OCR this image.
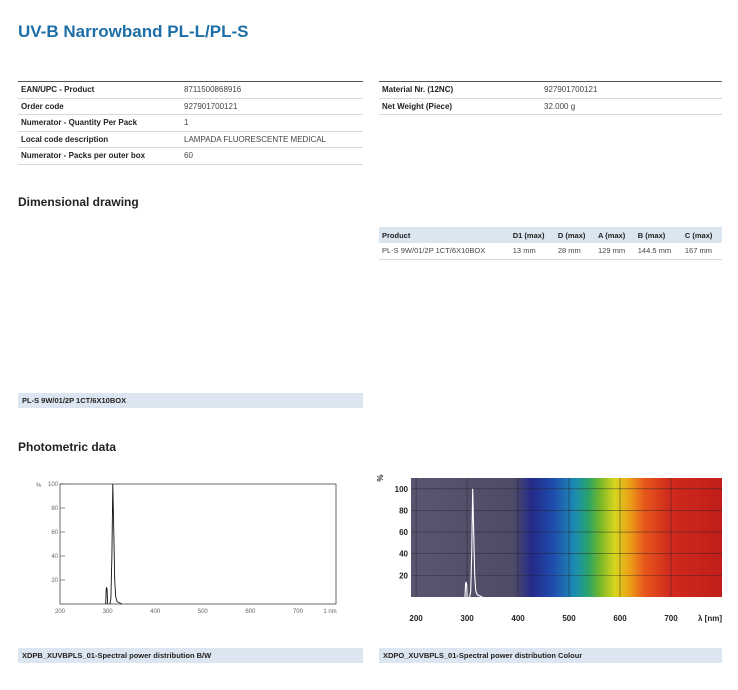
UV-B Narrowband PL-L/PL-S
EAN/UPC - Product	8711500868916
Order code	927901700121
Numerator - Quantity Per Pack	1
Local code description	LAMPADA FLUORESCENTE MEDICAL
Numerator - Packs per outer box	60
Material Nr. (12NC)	927901700121
Net Weight (Piece)	32.000 g
Dimensional drawing
Product	D1 (max)	D (max)	A (max)	B (max)	C (max)
PL-S 9W/01/2P 1CT/6X10BOX	13 mm	28 mm	129 mm	144.5 mm	167 mm
PL-S 9W/01/2P 1CT/6X10BOX
Photometric data
20
40
60
80
100
%
200	300	400	500	600	700	1 nm
20
40
60
80
100
%
200	300	400	500	600	700	λ [nm]
XDPB_XUVBPLS_01-Spectral power distribution B/W	XDPO_XUVBPLS_01-Spectral power distribution Colour
